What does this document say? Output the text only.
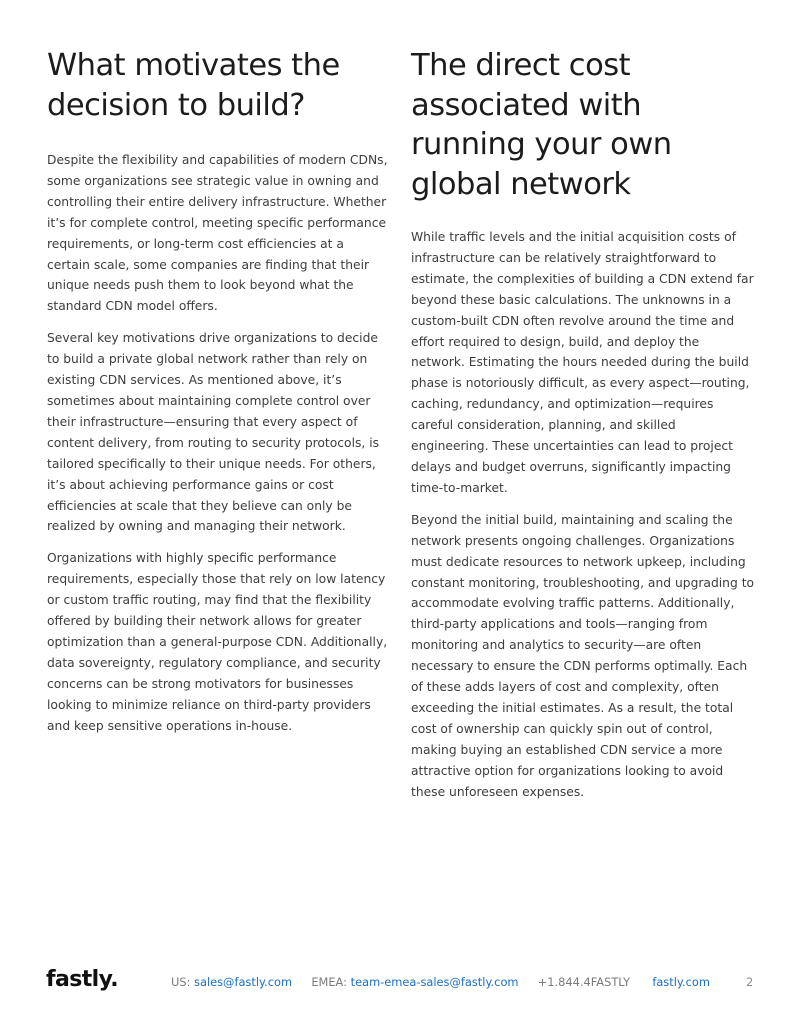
What motivates the decision to build?

Despite the flexibility and capabilities of modern CDNs, some organizations see strategic value in owning and controlling their entire delivery infrastructure. Whether it’s for complete control, meeting specific performance requirements, or long-term cost efficiencies at a certain scale, some companies are finding that their unique needs push them to look beyond what the standard CDN model offers.

Several key motivations drive organizations to decide to build a private global network rather than rely on existing CDN services. As mentioned above, it’s sometimes about maintaining complete control over their infrastructure—ensuring that every aspect of content delivery, from routing to security protocols, is tailored specifically to their unique needs. For others, it’s about achieving performance gains or cost efficiencies at scale that they believe can only be realized by owning and managing their network.

Organizations with highly specific performance requirements, especially those that rely on low latency or custom traffic routing, may find that the flexibility offered by building their network allows for greater optimization than a general-purpose CDN. Additionally, data sovereignty, regulatory compliance, and security concerns can be strong motivators for businesses looking to minimize reliance on third-party providers and keep sensitive operations in-house.

The direct cost associated with running your own global network

While traffic levels and the initial acquisition costs of infrastructure can be relatively straightforward to estimate, the complexities of building a CDN extend far beyond these basic calculations. The unknowns in a custom-built CDN often revolve around the time and effort required to design, build, and deploy the network. Estimating the hours needed during the build phase is notoriously difficult, as every aspect—routing, caching, redundancy, and optimization—requires careful consideration, planning, and skilled engineering. These uncertainties can lead to project delays and budget overruns, significantly impacting time-to-market.

Beyond the initial build, maintaining and scaling the network presents ongoing challenges. Organizations must dedicate resources to network upkeep, including constant monitoring, troubleshooting, and upgrading to accommodate evolving traffic patterns. Additionally, third-party applications and tools—ranging from monitoring and analytics to security—are often necessary to ensure the CDN performs optimally. Each of these adds layers of cost and complexity, often exceeding the initial estimates. As a result, the total cost of ownership can quickly spin out of control, making buying an established CDN service a more attractive option for organizations looking to avoid these unforeseen expenses.

fastly.	US: sales@fastly.com EMEA: team-emea-sales@fastly.com +1.844.4FASTLY fastly.com	2
